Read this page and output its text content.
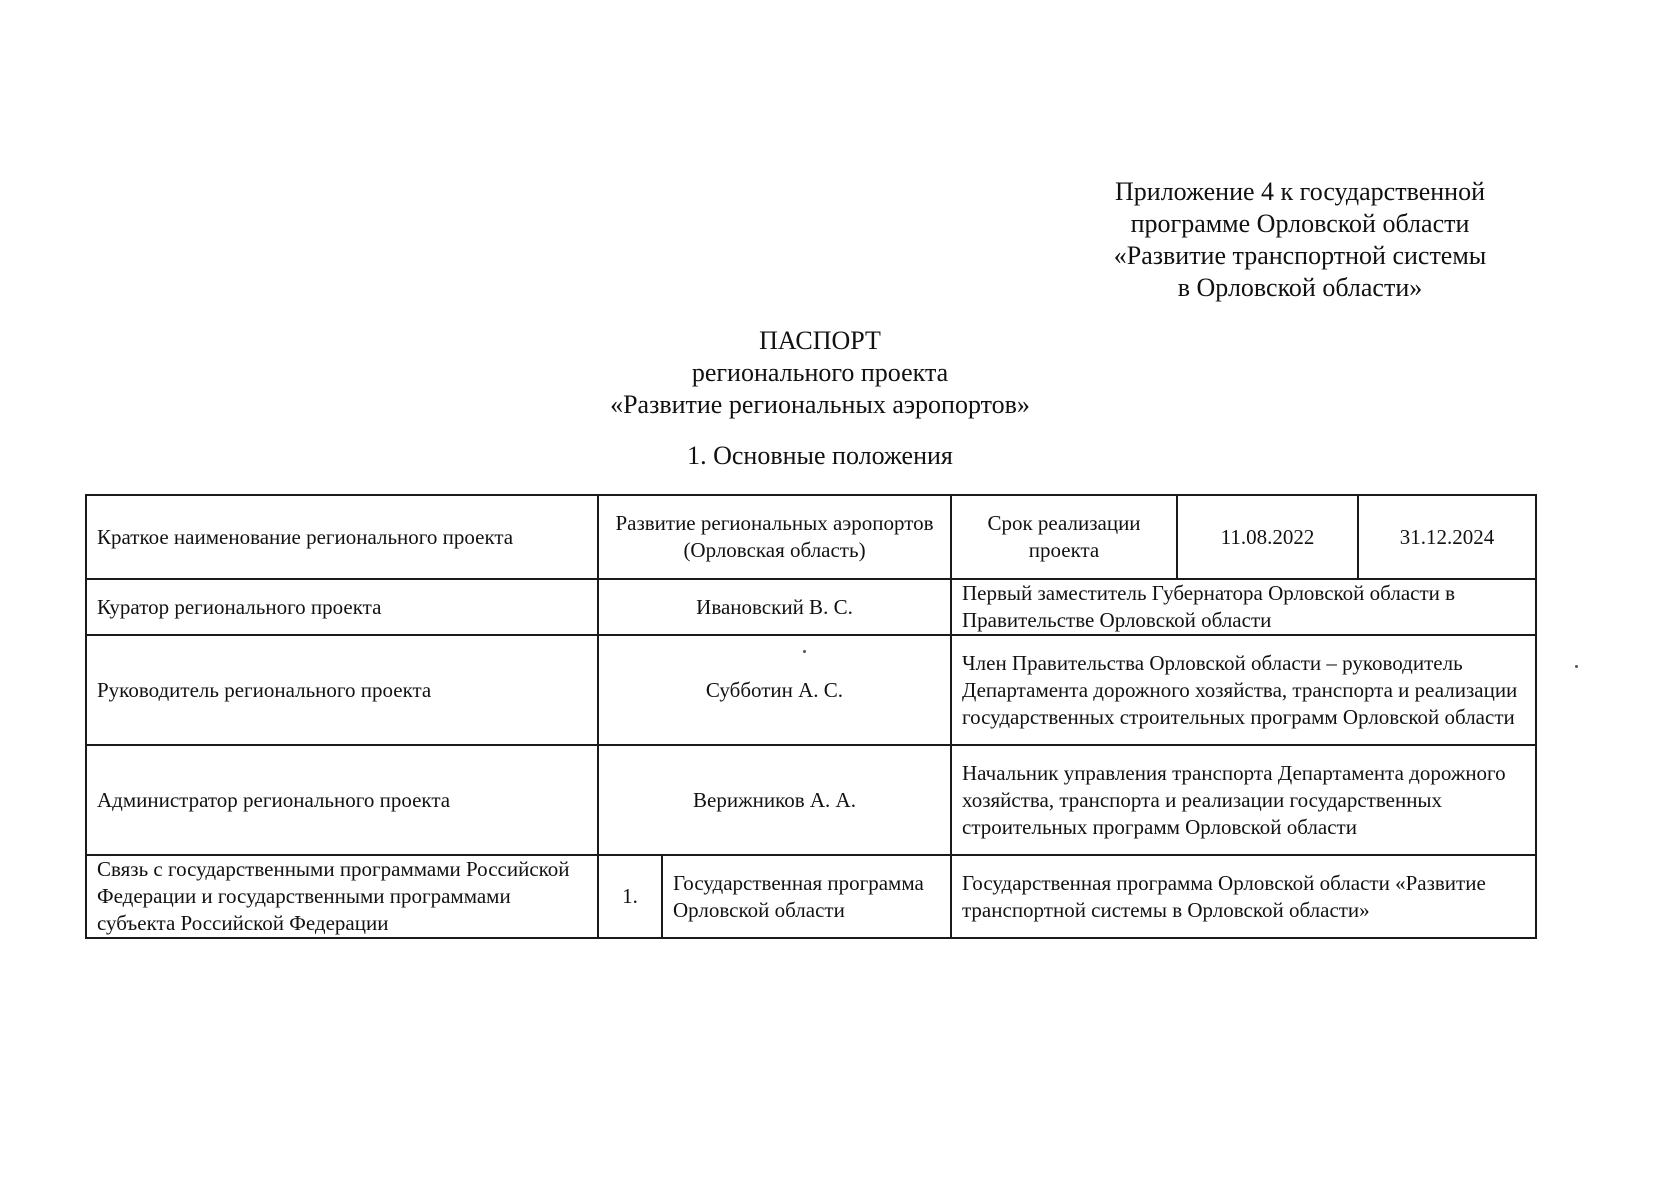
Приложение 4 к государственной
программе Орловской области
«Развитие транспортной системы
в Орловской области»
ПАСПОРТ
регионального проекта
«Развитие региональных аэропортов»
1. Основные положения
Краткое наименование регионального проекта	Развитие региональных аэропортов (Орловская область)		Срок реализации проекта	11.08.2022	31.12.2024
Куратор регионального проекта	Ивановский В. С.		Первый заместитель Губернатора Орловской области в Правительстве Орловской области		
Руководитель регионального проекта	Субботин А. С.		Член Правительства Орловской области – руководитель Департамента дорожного хозяйства, транспорта и реализации государственных строительных программ Орловской области		
Администратор регионального проекта	Верижников А. А.		Начальник управления транспорта Департамента дорожного хозяйства, транспорта и реализации государственных строительных программ Орловской области		
Связь с государственными программами Российской Федерации и государственными программами субъекта Российской Федерации	1.	Государственная программа Орловской области	Государственная программа Орловской области «Развитие транспортной системы в Орловской области»		
